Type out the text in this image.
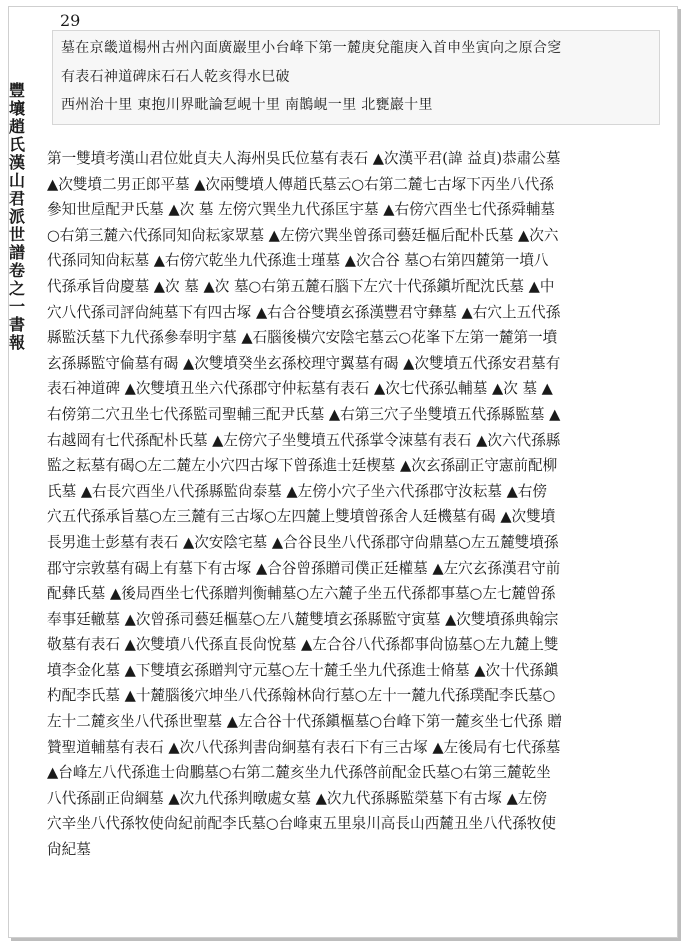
29
豐壤趙氏漢山君派世譜 卷之一 書報
墓在京畿道楊州古州內面廣巖里小台峰下第一麓庚兌龍庚入首申坐寅向之原合窆
有表石神道碑床石石人乾亥得水巳破
西州治十里 東抱川界毗論乭峴十里 南鵲峴一里 北甕巖十里
第一雙墳考漢山君位妣貞夫人海州吳氏位墓有表石 ▲次漢平君(諱 益貞)恭肅公墓
▲次雙墳二男正郎平墓 ▲次兩雙墳人傳趙氏墓云○右第二麓七古塚下丙坐八代孫
參知世垕配尹氏墓 ▲次 墓 左傍穴巽坐九代孫匡宇墓 ▲右傍穴酉坐七代孫舜輔墓
○右第三麓六代孫同知尙耘家眾墓 ▲左傍穴巽坐曾孫司藝廷樞后配朴氏墓 ▲次六
代孫同知尙耘墓 ▲右傍穴乾坐九代孫進士瑾墓 ▲次合谷 墓○右第四麓第一墳八
代孫承旨尙慶墓 ▲次 墓 ▲次 墓○右第五麓石腦下左穴十代孫鎭圻配沈氏墓 ▲中
穴八代孫司評尙純墓下有四古塚 ▲右合谷雙墳玄孫漢豐君守彝墓 ▲右穴上五代孫
縣監沃墓下九代孫參奉明宇墓 ▲石腦後橫穴安陰宅墓云○花峯下左第一麓第一墳
玄孫縣監守倫墓有碣 ▲次雙墳癸坐玄孫校理守翼墓有碣 ▲次雙墳五代孫安君墓有
表石神道碑 ▲次雙墳丑坐六代孫郡守仲耘墓有表石 ▲次七代孫弘輔墓 ▲次 墓 ▲
右傍第二穴丑坐七代孫監司聖輔三配尹氏墓 ▲右第三穴子坐雙墳五代孫縣監墓 ▲
右越岡有七代孫配朴氏墓 ▲左傍穴子坐雙墳五代孫掌令涑墓有表石 ▲次六代孫縣
監之耘墓有碣○左二麓左小穴四古塚下曾孫進士廷楔墓 ▲次玄孫副正守憲前配柳
氏墓 ▲右長穴酉坐八代孫縣監尙泰墓 ▲左傍小穴子坐六代孫郡守汝耘墓 ▲右傍
穴五代孫承旨墓○左三麓有三古塚○左四麓上雙墳曾孫舍人廷機墓有碣 ▲次雙墳
長男進士彭墓有表石 ▲次安陰宅墓 ▲合谷艮坐八代孫郡守尙鼎墓○左五麓雙墳孫
郡守宗敦墓有碣上有墓下有古塚 ▲合谷曾孫贈司僕正廷權墓 ▲左穴玄孫漢君守前
配彝氏墓 ▲後局酉坐七代孫贈判衡輔墓○左六麓子坐五代孫都事墓○左七麓曾孫
奉事廷轍墓 ▲次曾孫司藝廷樞墓○左八麓雙墳玄孫縣監守寅墓 ▲次雙墳孫典翰宗
敬墓有表石 ▲次雙墳八代孫直長尙悅墓 ▲左合谷八代孫都事尙協墓○左九麓上雙
墳李金化墓 ▲下雙墳玄孫贈判守元墓○左十麓壬坐九代孫進士脩墓 ▲次十代孫鎭
杓配李氏墓 ▲十麓腦後穴坤坐八代孫翰林尙行墓○左十一麓九代孫璞配李氏墓○
左十二麓亥坐八代孫世聖墓 ▲左合谷十代孫鎭樞墓○台峰下第一麓亥坐七代孫 贈
贊聖道輔墓有表石 ▲次八代孫判書尙絅墓有表石下有三古塚 ▲左後局有七代孫墓
▲台峰左八代孫進士尙鵬墓○右第二麓亥坐九代孫啓前配金氏墓○右第三麓乾坐
八代孫副正尙綱墓 ▲次九代孫判暾處女墓 ▲次九代孫縣監榮墓下有古塚 ▲左傍
穴辛坐八代孫牧使尙紀前配李氏墓○台峰東五里泉川高長山西麓丑坐八代孫牧使
尙紀墓
